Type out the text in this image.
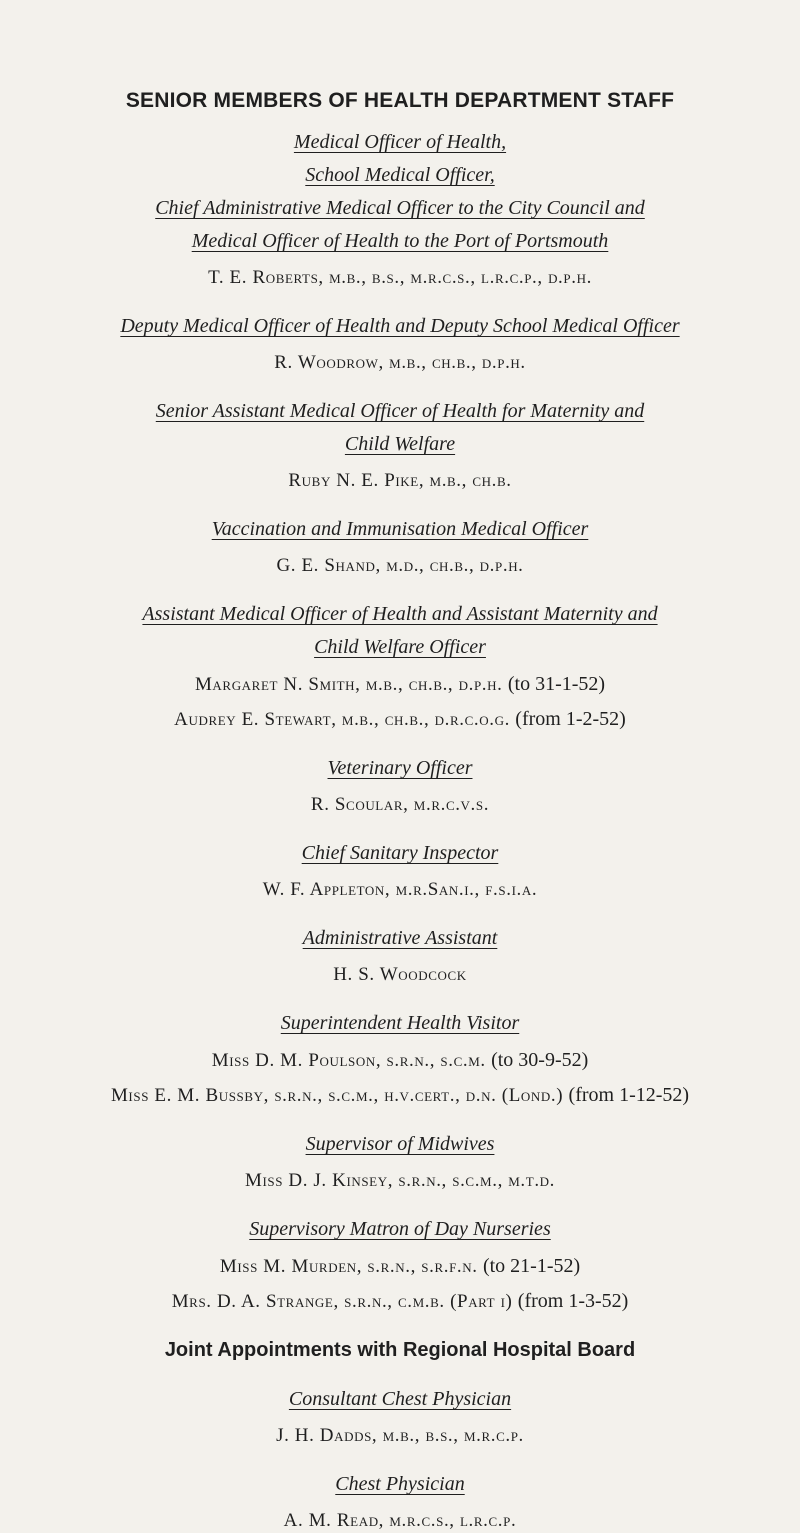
SENIOR MEMBERS OF HEALTH DEPARTMENT STAFF

Medical Officer of Health,

School Medical Officer,

Chief Administrative Medical Officer to the City Council and

Medical Officer of Health to the Port of Portsmouth

T. E. Roberts, m.b., b.s., m.r.c.s., l.r.c.p., d.p.h.

Deputy Medical Officer of Health and Deputy School Medical Officer

R. Woodrow, m.b., ch.b., d.p.h.

Senior Assistant Medical Officer of Health for Maternity and

Child Welfare

Ruby N. E. Pike, m.b., ch.b.

Vaccination and Immunisation Medical Officer

G. E. Shand, m.d., ch.b., d.p.h.

Assistant Medical Officer of Health and Assistant Maternity and

Child Welfare Officer

Margaret N. Smith, m.b., ch.b., d.p.h. (to 31-1-52)

Audrey E. Stewart, m.b., ch.b., d.r.c.o.g. (from 1-2-52)

Veterinary Officer

R. Scoular, m.r.c.v.s.

Chief Sanitary Inspector

W. F. Appleton, m.r.San.i., f.s.i.a.

Administrative Assistant

H. S. Woodcock

Superintendent Health Visitor

Miss D. M. Poulson, s.r.n., s.c.m. (to 30-9-52)

Miss E. M. Bussby, s.r.n., s.c.m., h.v.cert., d.n. (Lond.) (from 1-12-52)

Supervisor of Midwives

Miss D. J. Kinsey, s.r.n., s.c.m., m.t.d.

Supervisory Matron of Day Nurseries

Miss M. Murden, s.r.n., s.r.f.n. (to 21-1-52)

Mrs. D. A. Strange, s.r.n., c.m.b. (Part i) (from 1-3-52)

Joint Appointments with Regional Hospital Board

Consultant Chest Physician

J. H. Dadds, m.b., b.s., m.r.c.p.

Chest Physician

A. M. Read, m.r.c.s., l.r.c.p.
